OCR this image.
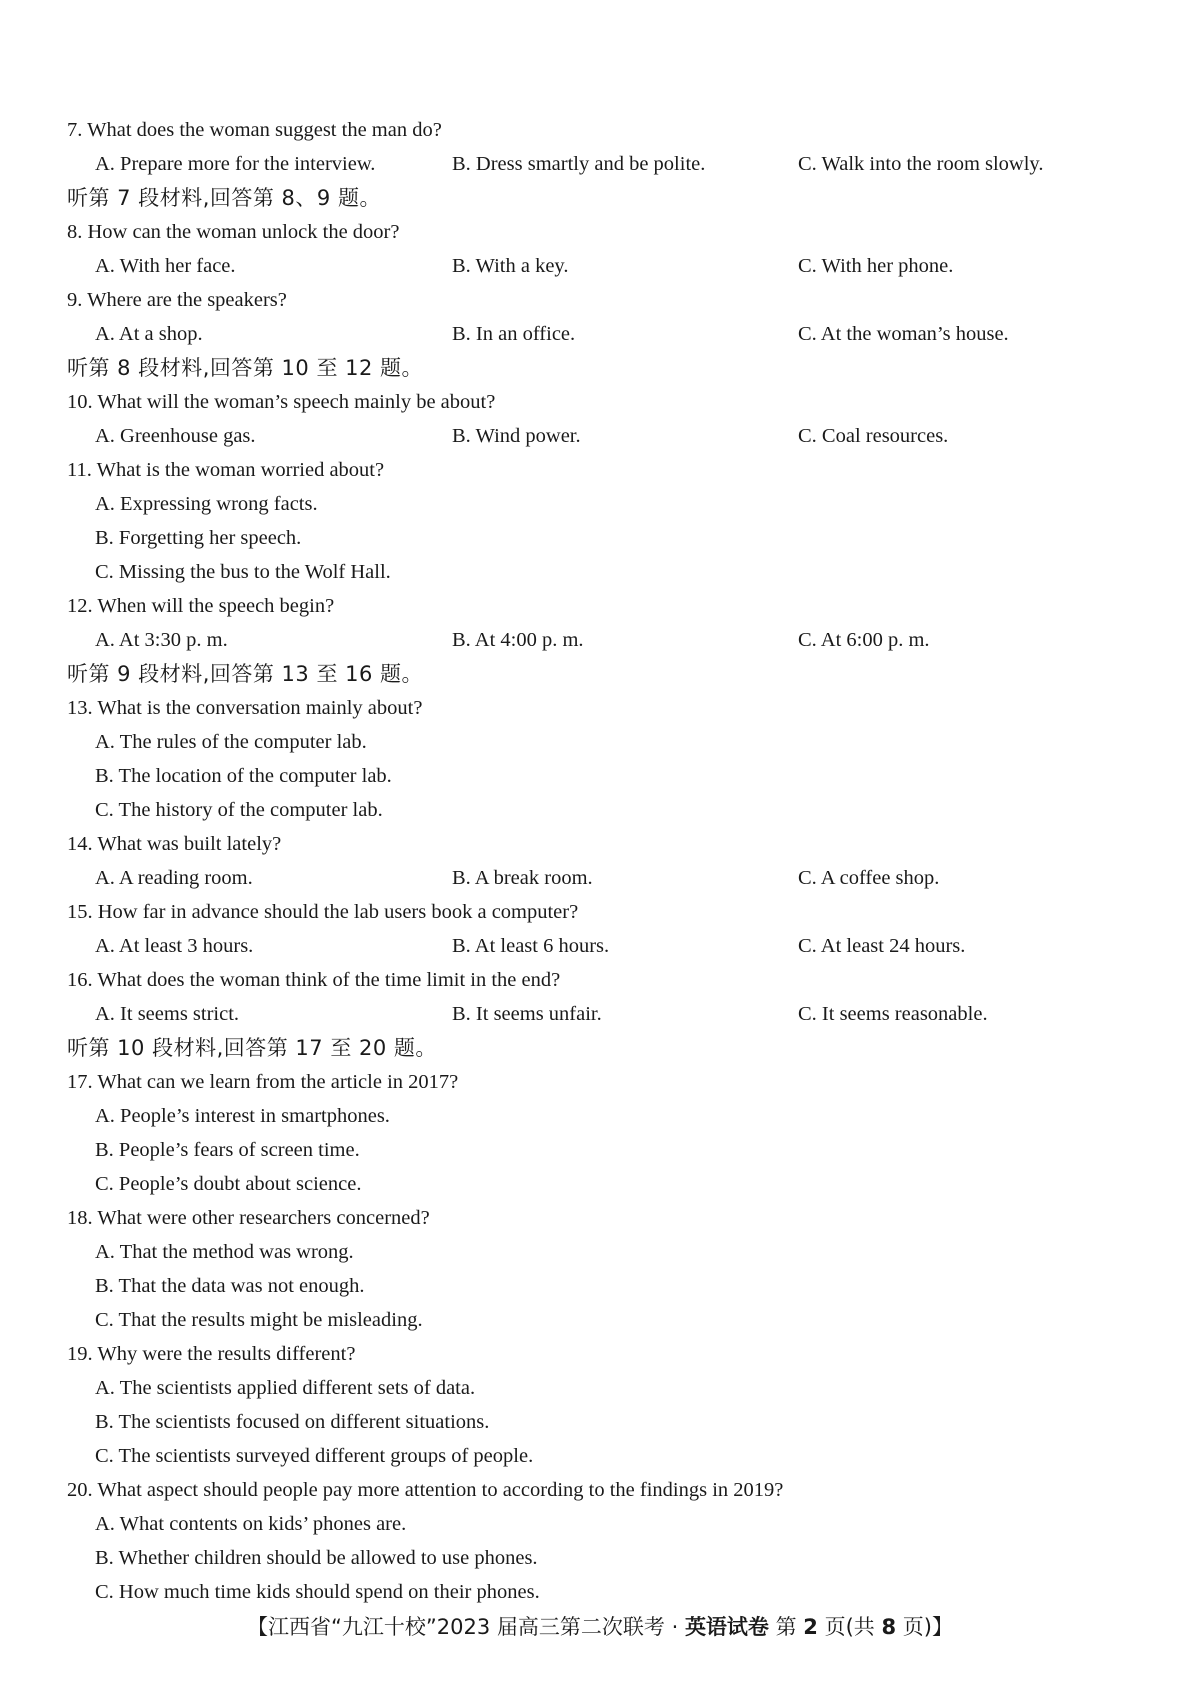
7. What does the woman suggest the man do?
A. Prepare more for the interview.	B. Dress smartly and be polite.	C. Walk into the room slowly.
听第 7 段材料,回答第 8、9 题。
8. How can the woman unlock the door?
A. With her face.	B. With a key.	C. With her phone.
9. Where are the speakers?
A. At a shop.	B. In an office.	C. At the woman’s house.
听第 8 段材料,回答第 10 至 12 题。
10. What will the woman’s speech mainly be about?
A. Greenhouse gas.	B. Wind power.	C. Coal resources.
11. What is the woman worried about?
A. Expressing wrong facts.
B. Forgetting her speech.
C. Missing the bus to the Wolf Hall.
12. When will the speech begin?
A. At 3:30 p. m.	B. At 4:00 p. m.	C. At 6:00 p. m.
听第 9 段材料,回答第 13 至 16 题。
13. What is the conversation mainly about?
A. The rules of the computer lab.
B. The location of the computer lab.
C. The history of the computer lab.
14. What was built lately?
A. A reading room.	B. A break room.	C. A coffee shop.
15. How far in advance should the lab users book a computer?
A. At least 3 hours.	B. At least 6 hours.	C. At least 24 hours.
16. What does the woman think of the time limit in the end?
A. It seems strict.	B. It seems unfair.	C. It seems reasonable.
听第 10 段材料,回答第 17 至 20 题。
17. What can we learn from the article in 2017?
A. People’s interest in smartphones.
B. People’s fears of screen time.
C. People’s doubt about science.
18. What were other researchers concerned?
A. That the method was wrong.
B. That the data was not enough.
C. That the results might be misleading.
19. Why were the results different?
A. The scientists applied different sets of data.
B. The scientists focused on different situations.
C. The scientists surveyed different groups of people.
20. What aspect should people pay more attention to according to the findings in 2019?
A. What contents on kids’ phones are.
B. Whether children should be allowed to use phones.
C. How much time kids should spend on their phones.
【江西省“九江十校”2023 届高三第二次联考 · 英语试卷 第 2 页(共 8 页)】
